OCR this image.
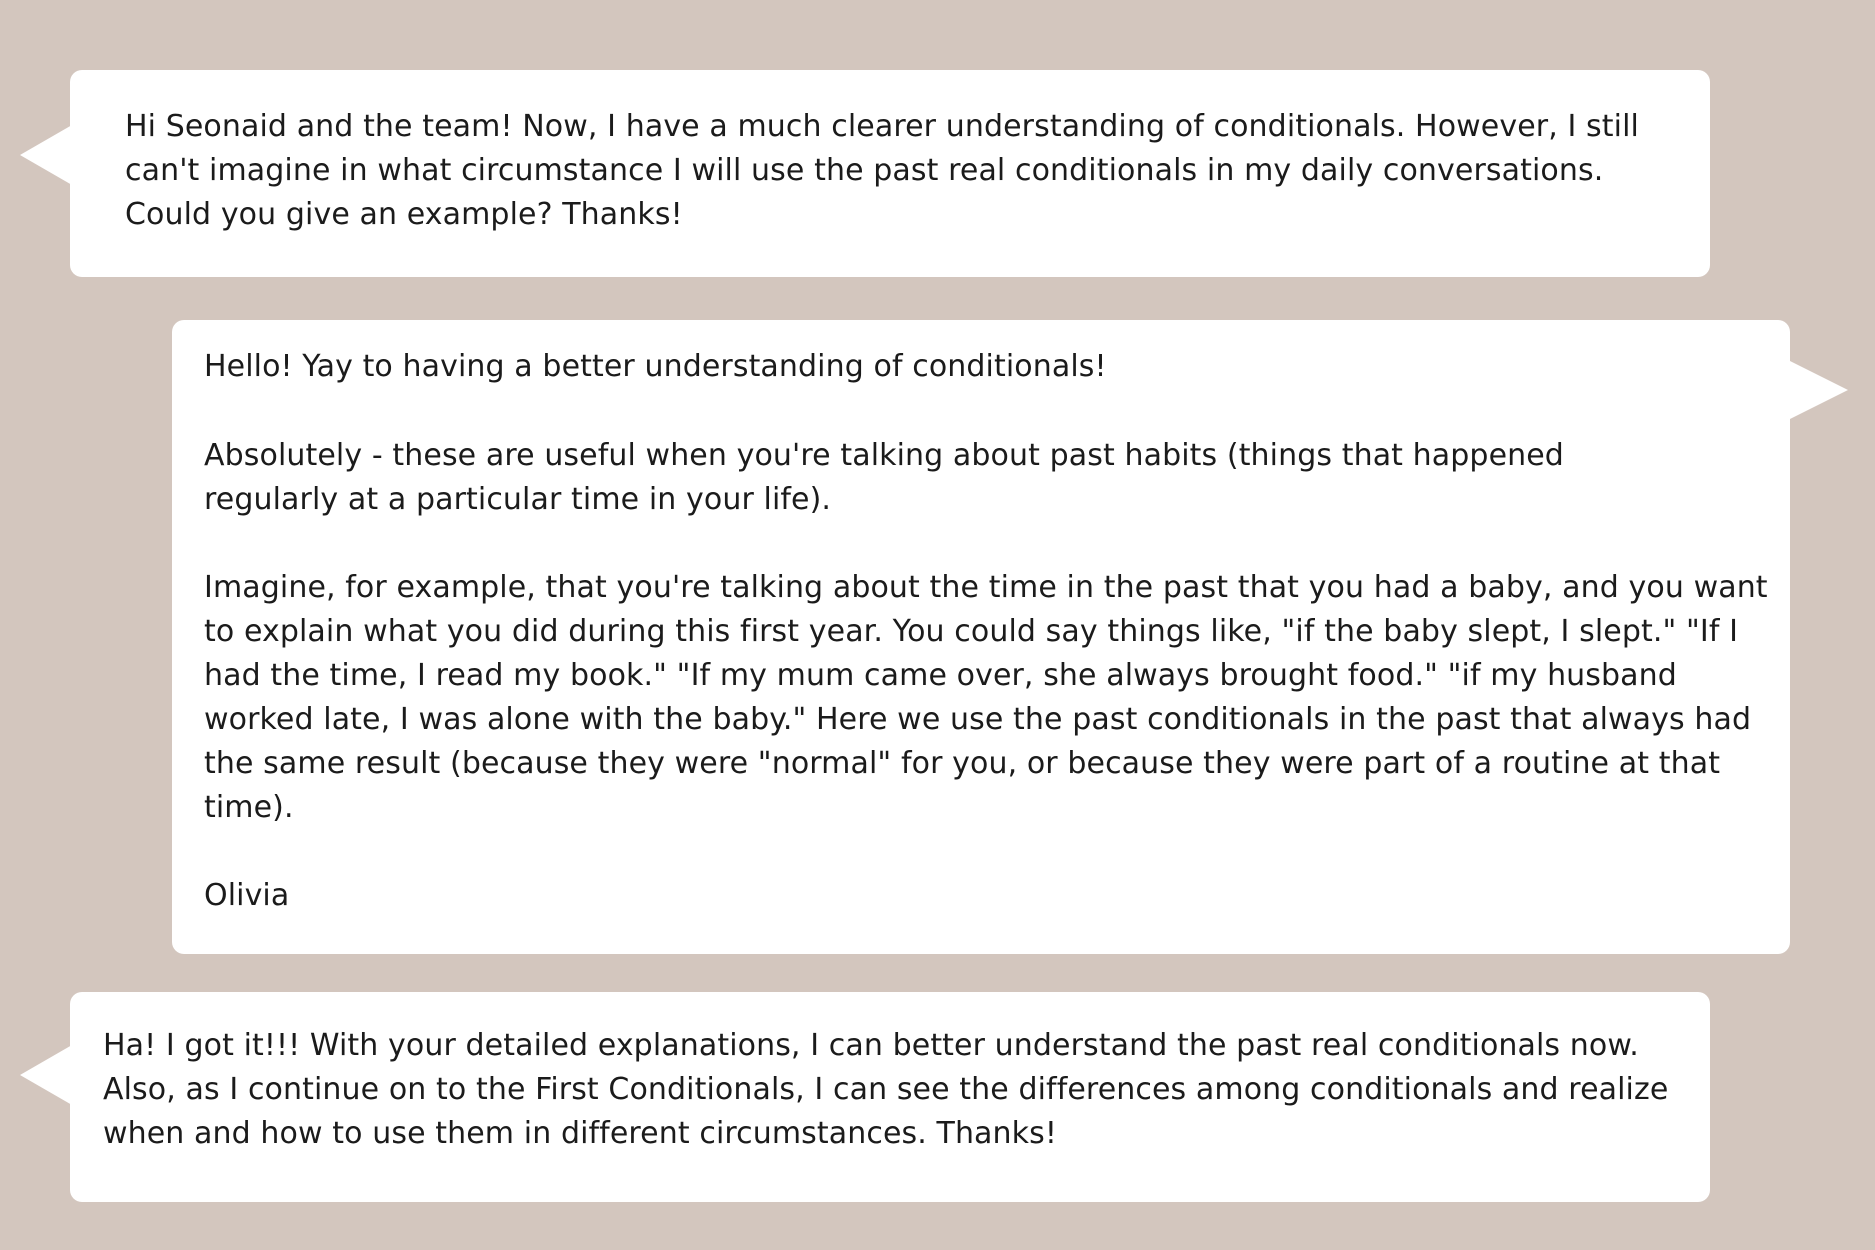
Hi Seonaid and the team! Now, I have a much clearer understanding of conditionals. However, I still can't imagine in what circumstance I will use the past real conditionals in my daily conversations. Could you give an example? Thanks!

Hello! Yay to having a better understanding of conditionals!

Absolutely - these are useful when you're talking about past habits (things that happened regularly at a particular time in your life).

Imagine, for example, that you're talking about the time in the past that you had a baby, and you want to explain what you did during this first year. You could say things like, "if the baby slept, I slept." "If I had the time, I read my book." "If my mum came over, she always brought food." "if my husband worked late, I was alone with the baby." Here we use the past conditionals in the past that always had the same result (because they were "normal" for you, or because they were part of a routine at that time).

Olivia

Ha! I got it!!! With your detailed explanations, I can better understand the past real conditionals now. Also, as I continue on to the First Conditionals, I can see the differences among conditionals and realize when and how to use them in different circumstances. Thanks!
